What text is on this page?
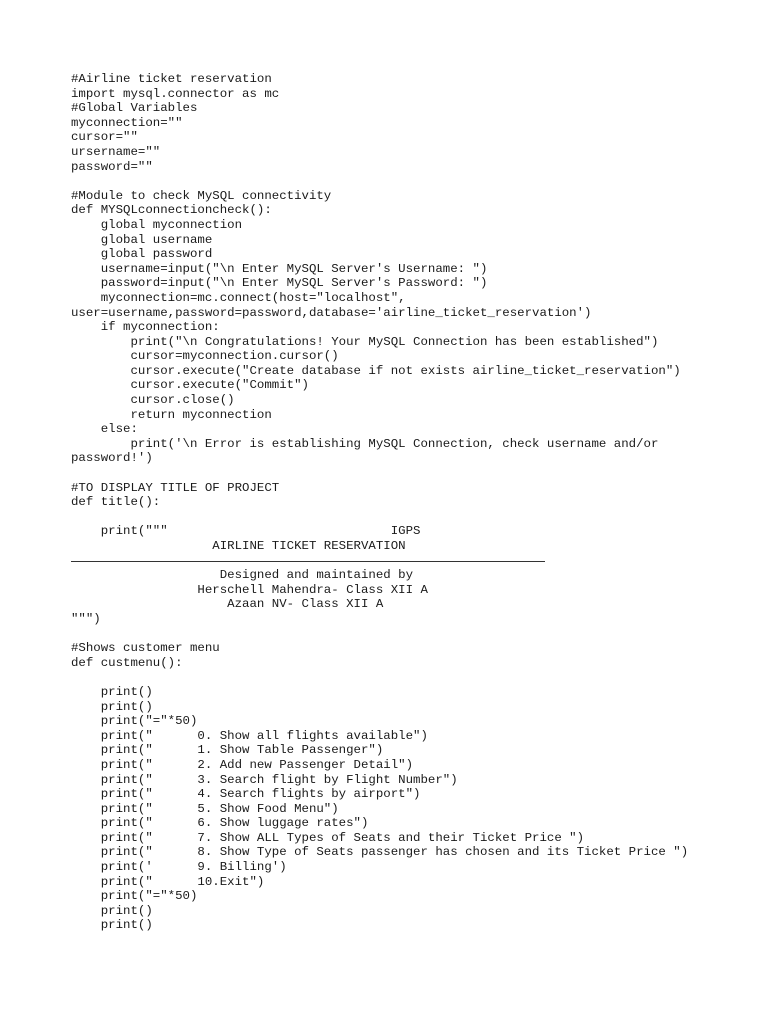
#Airline ticket reservation
import mysql.connector as mc
#Global Variables
myconnection=""
cursor=""
ursername=""
password=""
#Module to check MySQL connectivity
def MYSQLconnectioncheck():
global myconnection
global username
global password
username=input("\n Enter MySQL Server's Username: ")
password=input("\n Enter MySQL Server's Password: ")
myconnection=mc.connect(host="localhost",
user=username,password=password,database='airline_ticket_reservation')
if myconnection:
print("\n Congratulations! Your MySQL Connection has been established")
cursor=myconnection.cursor()
cursor.execute("Create database if not exists airline_ticket_reservation")
cursor.execute("Commit")
cursor.close()
return myconnection
else:
print('\n Error is establishing MySQL Connection, check username and/or
password!')
#TO DISPLAY TITLE OF PROJECT
def title():
print("""                              IGPS
AIRLINE TICKET RESERVATION
Designed and maintained by
Herschell Mahendra- Class XII A
Azaan NV- Class XII A
""")
#Shows customer menu
def custmenu():
print()
print()
print("="*50)
print("      0. Show all flights available")
print("      1. Show Table Passenger")
print("      2. Add new Passenger Detail")
print("      3. Search flight by Flight Number")
print("      4. Search flights by airport")
print("      5. Show Food Menu")
print("      6. Show luggage rates")
print("      7. Show ALL Types of Seats and their Ticket Price ")
print("      8. Show Type of Seats passenger has chosen and its Ticket Price ")
print('      9. Billing')
print("      10.Exit")
print("="*50)
print()
print()
